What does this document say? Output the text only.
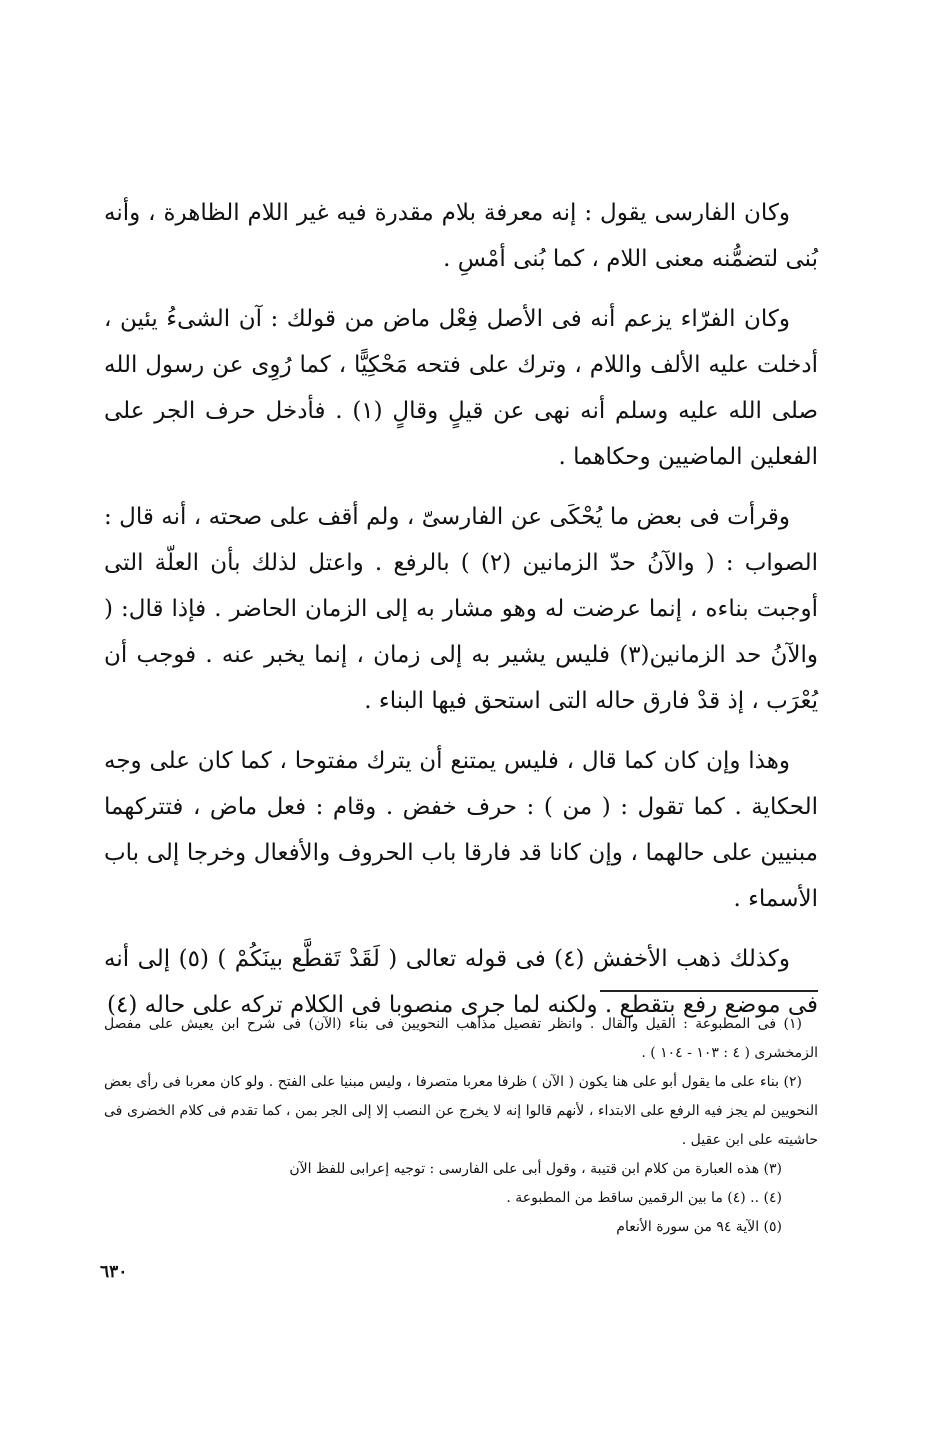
وكان الفارسى يقول : إنه معرفة بلام مقدرة فيه غير اللام الظاهرة ، وأنه بُنى لتضمُّنه معنى اللام ، كما بُنى أمْسِ .

وكان الفرّاء يزعم أنه فى الأصل فِعْل ماض من قولك : آن الشىءُ يئين ، أدخلت عليه الألف واللام ، وترك على فتحه مَحْكِيًّا ، كما رُوِى عن رسول الله صلى الله عليه وسلم أنه نهى عن قيلٍ وقالٍ (١) . فأدخل حرف الجر على الفعلين الماضيين وحكاهما .

وقرأت فى بعض ما يُحْكَى عن الفارسىّ ، ولم أقف على صحته ، أنه قال : الصواب : ( والآنُ حدّ الزمانين (٢) ) بالرفع . واعتل لذلك بأن العلّة التى أوجبت بناءه ، إنما عرضت له وهو مشار به إلى الزمان الحاضر . فإذا قال: ( والآنُ حد الزمانين(٣) فليس يشير به إلى زمان ، إنما يخبر عنه . فوجب أن يُعْرَب ، إذ قدْ فارق حاله التى استحق فيها البناء .

وهذا وإن كان كما قال ، فليس يمتنع أن يترك مفتوحا ، كما كان على وجه الحكاية . كما تقول : ( من ) : حرف خفض . وقام : فعل ماض ، فتتركهما مبنيين على حالهما ، وإن كانا قد فارقا باب الحروف والأفعال وخرجا إلى باب الأسماء .

وكذلك ذهب الأخفش (٤) فى قوله تعالى ( لَقَدْ تَقطَّع بينَكُمْ ) (٥) إلى أنه فى موضع رفع بتقطع . ولكنه لما جرى منصوبا فى الكلام تركه على حاله (٤)

(١) فى المطبوعة : القيل والقال . وانظر تفصيل مذاهب النحويين فى بناء (الآن) فى شرح ابن يعيش على مفصل الزمخشرى ( ٤ : ١٠٣ - ١٠٤ ) .

(٢) بناء على ما يقول أبو على هنا يكون ( الآن ) ظرفا معربا متصرفا ، وليس مبنيا على الفتح . ولو كان معربا فى رأى بعض النحويين لم يجز فيه الرفع على الابتداء ، لأنهم قالوا إنه لا يخرج عن النصب إلا إلى الجر بمن ، كما تقدم فى كلام الخضرى فى حاشيته على ابن عقيل .

(٣) هذه العبارة من كلام ابن قتيبة ، وقول أبى على الفارسى : توجيه إعرابى للفظ الآن

(٤) .. (٤) ما بين الرقمين ساقط من المطبوعة .

(٥) الآية ٩٤ من سورة الأنعام

٦٣٠
